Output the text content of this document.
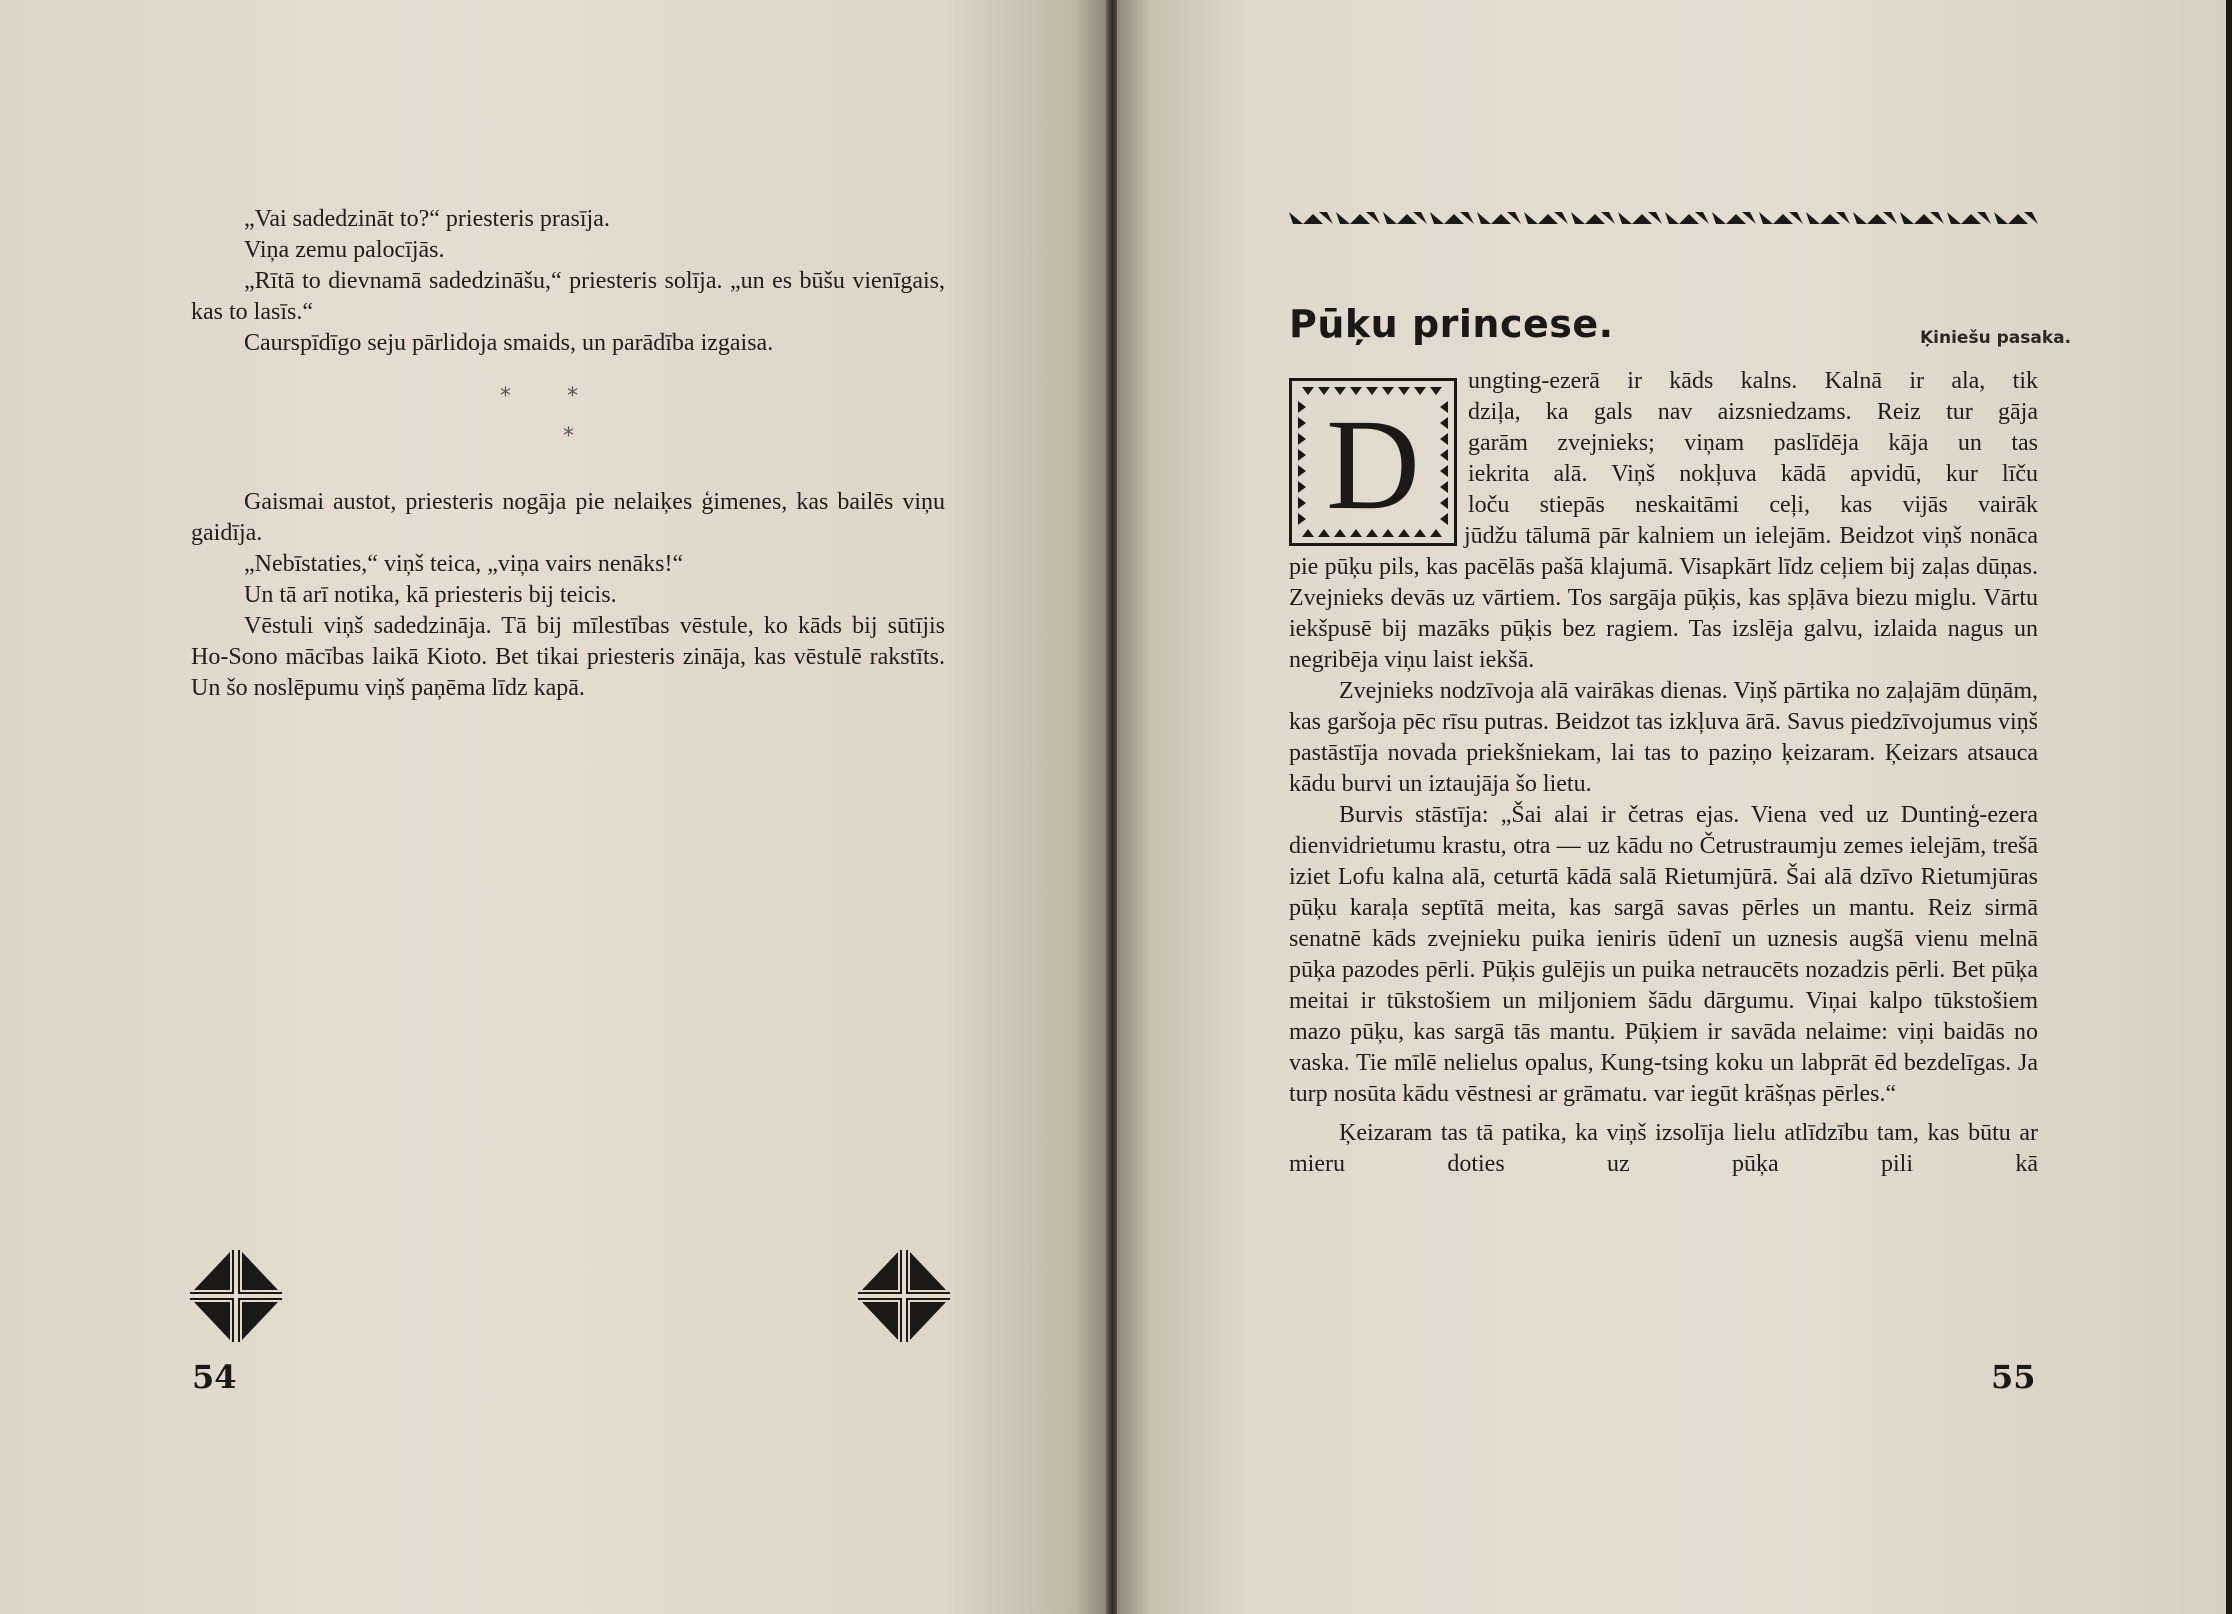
„Vai sadedzināt to?“ priesteris prasīja.

Viņa zemu palocījās.

„Rītā to dievnamā sadedzināšu,“ priesteris solīja. „un es būšu vienīgais, kas to lasīs.“

Caurspīdīgo seju pārlidoja smaids, un parādība izgaisa.

*        *
*

Gaismai austot, priesteris nogāja pie nelaiķes ģimenes, kas bailēs viņu gaidīja.

„Nebīstaties,“ viņš teica, „viņa vairs nenāks!“

Un tā arī notika, kā priesteris bij teicis.

Vēstuli viņš sadedzināja. Tā bij mīlestības vēstule, ko kāds bij sūtījis Ho-Sono mācības laikā Kioto. Bet tikai priesteris zināja, kas vēstulē rakstīts. Un šo noslēpumu viņš paņēma līdz kapā.

54
Pūķu princese.	Ķiniešu pasaka.
D

ungting-ezerā ir kāds kalns. Kalnā ir ala, tik

dziļa, ka gals nav aizsniedzams. Reiz tur gāja

garām zvejnieks; viņam paslīdēja kāja un tas

iekrita alā. Viņš nokļuva kādā apvidū, kur līču

loču stiepās neskaitāmi ceļi, kas vijās vairāk

jūdžu tālumā pār kalniem un ielejām. Beidzot viņš nonāca pie pūķu pils, kas pacēlās pašā klajumā. Visapkārt līdz ceļiem bij zaļas dūņas. Zvejnieks devās uz vārtiem. Tos sargāja pūķis, kas spļāva biezu miglu. Vārtu iekšpusē bij mazāks pūķis bez ragiem. Tas izslēja galvu, izlaida nagus un negribēja viņu laist iekšā.

Zvejnieks nodzīvoja alā vairākas dienas. Viņš pārtika no zaļajām dūņām, kas garšoja pēc rīsu putras. Beidzot tas izkļuva ārā. Savus piedzīvojumus viņš pastāstīja novada priekšniekam, lai tas to paziņo ķeizaram. Ķeizars atsauca kādu burvi un iztaujāja šo lietu.

Burvis stāstīja: „Šai alai ir četras ejas. Viena ved uz Duntinģ-ezera dienvidrietumu krastu, otra — uz kādu no Četrustraumju zemes ielejām, trešā iziet Lofu kalna alā, ceturtā kādā salā Rietumjūrā. Šai alā dzīvo Rietumjūras pūķu karaļa septītā meita, kas sargā savas pērles un mantu. Reiz sirmā senatnē kāds zvejnieku puika ieniris ūdenī un uznesis augšā vienu melnā pūķa pazodes pērli. Pūķis gulējis un puika netraucēts nozadzis pērli. Bet pūķa meitai ir tūkstošiem un miljoniem šādu dārgumu. Viņai kalpo tūkstošiem mazo pūķu, kas sargā tās mantu. Pūķiem ir savāda nelaime: viņi baidās no vaska. Tie mīlē nelielus opalus, Kung-tsing koku un labprāt ēd bezdelīgas. Ja turp nosūta kādu vēstnesi ar grāmatu. var iegūt krāšņas pērles.“

Ķeizaram tas tā patika, ka viņš izsolīja lielu atlīdzību tam, kas būtu ar mieru doties uz pūķa pili kā

55
